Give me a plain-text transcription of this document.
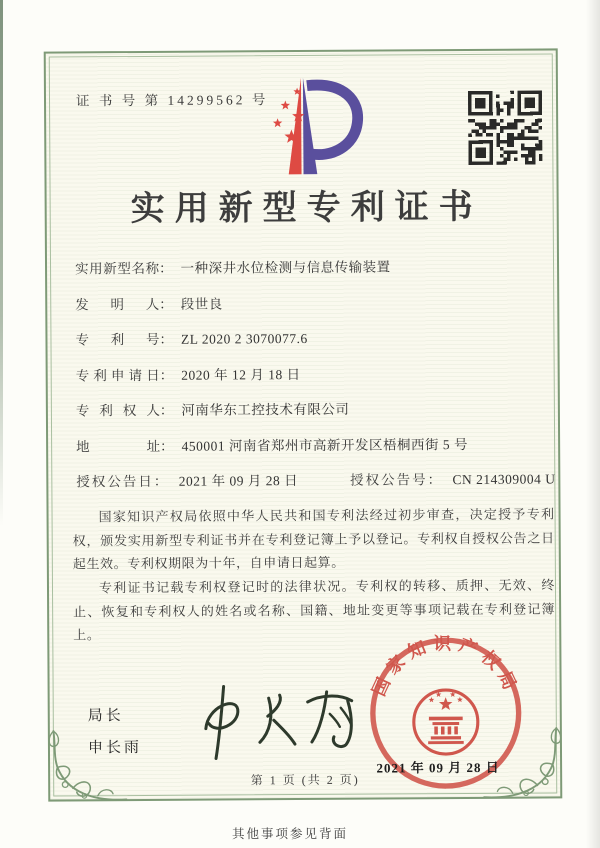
证 书 号 第 14299562 号
实用新型专利证书
实用新型名称 ： 一种深井水位检测与信息传输装置
发明人 ： 段世良
专利号 ： ZL 2020 2 3070077.6
专利申请日 ： 2020 年 12 月 18 日
专利权人 ： 河南华东工控技术有限公司
地址 ： 450001 河南省郑州市高新开发区梧桐西街 5 号
授权公告日： 2021 年 09 月 28 日	授权公告号： CN 214309004 U

国家知识产权局依照中华人民共和国专利法经过初步审查，决定授予专利权，颁发实用新型专利证书并在专利登记簿上予以登记。专利权自授权公告之日起生效。专利权期限为十年，自申请日起算。

专利证书记载专利权登记时的法律状况。专利权的转移、质押、无效、终止、恢复和专利权人的姓名或名称、国籍、地址变更等事项记载在专利登记簿上。

局长
申长雨
国家知识产权局
2021 年 09 月 28 日
第 1 页 (共 2 页)
其他事项参见背面
